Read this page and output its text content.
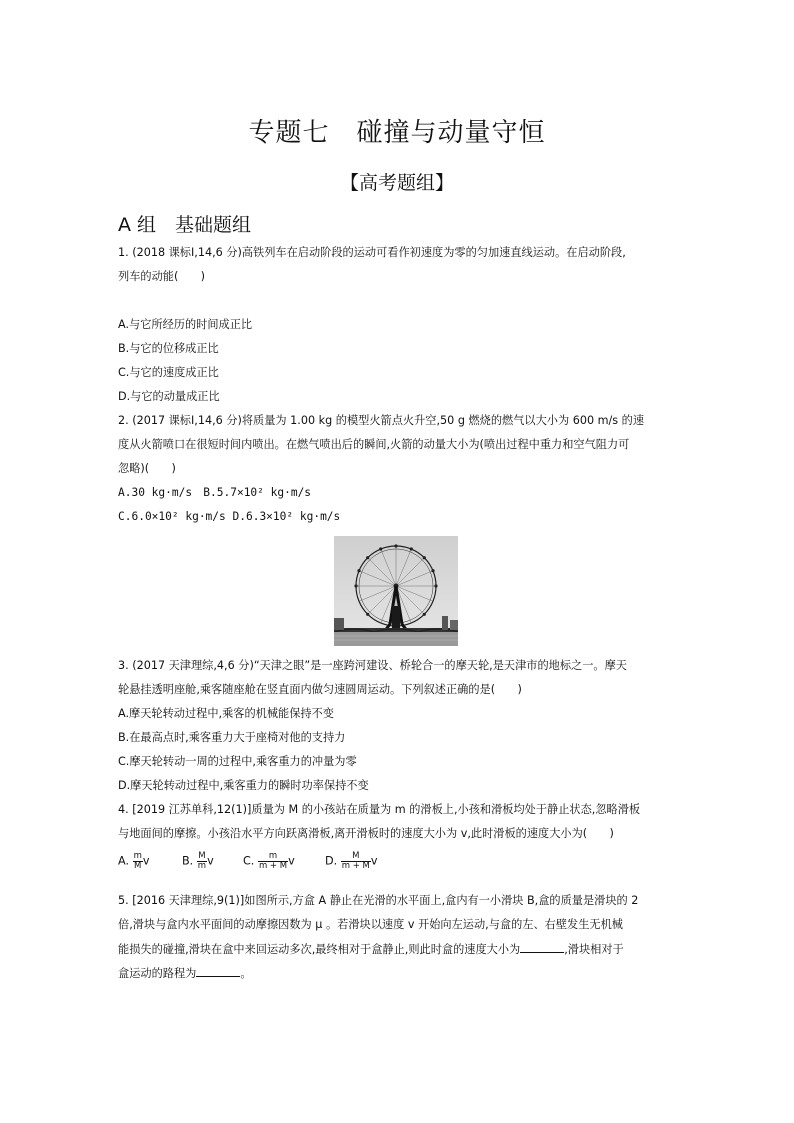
专题七　碰撞与动量守恒
【高考题组】
A 组　基础题组
1. (2018 课标Ⅰ,14,6 分)高铁列车在启动阶段的运动可看作初速度为零的匀加速直线运动。在启动阶段,
列车的动能(　　)
A.与它所经历的时间成正比
B.与它的位移成正比
C.与它的速度成正比
D.与它的动量成正比
2. (2017 课标Ⅰ,14,6 分)将质量为 1.00 kg 的模型火箭点火升空,50 g 燃烧的燃气以大小为 600 m/s 的速
度从火箭喷口在很短时间内喷出。在燃气喷出后的瞬间,火箭的动量大小为(喷出过程中重力和空气阻力可
忽略)(　　)
A.30 kg·m/s　B.5.7×10² kg·m/s
C.6.0×10² kg·m/s D.6.3×10² kg·m/s
3. (2017 天津理综,4,6 分)“天津之眼”是一座跨河建设、桥轮合一的摩天轮,是天津市的地标之一。摩天
轮悬挂透明座舱,乘客随座舱在竖直面内做匀速圆周运动。下列叙述正确的是(　　)
A.摩天轮转动过程中,乘客的机械能保持不变
B.在最高点时,乘客重力大于座椅对他的支持力
C.摩天轮转动一周的过程中,乘客重力的冲量为零
D.摩天轮转动过程中,乘客重力的瞬时功率保持不变
4. [2019 江苏单科,12(1)]质量为 M 的小孩站在质量为 m 的滑板上,小孩和滑板均处于静止状态,忽略滑板
与地面间的摩擦。小孩沿水平方向跃离滑板,离开滑板时的速度大小为 v,此时滑板的速度大小为(　　)
A. $\frac{m}{M}$ v	B. $\frac{M}{m}$ v	C. $\frac{m}{m + M}$ v	D. $\frac{M}{m + M}$ v
5. [2016 天津理综,9(1)]如图所示,方盒 A 静止在光滑的水平面上,盒内有一小滑块 B,盒的质量是滑块的 2
倍,滑块与盒内水平面间的动摩擦因数为 μ 。若滑块以速度 v 开始向左运动,与盒的左、右壁发生无机械
能损失的碰撞,滑块在盒中来回运动多次,最终相对于盒静止,则此时盒的速度大小为	,滑块相对于
盒运动的路程为	。
